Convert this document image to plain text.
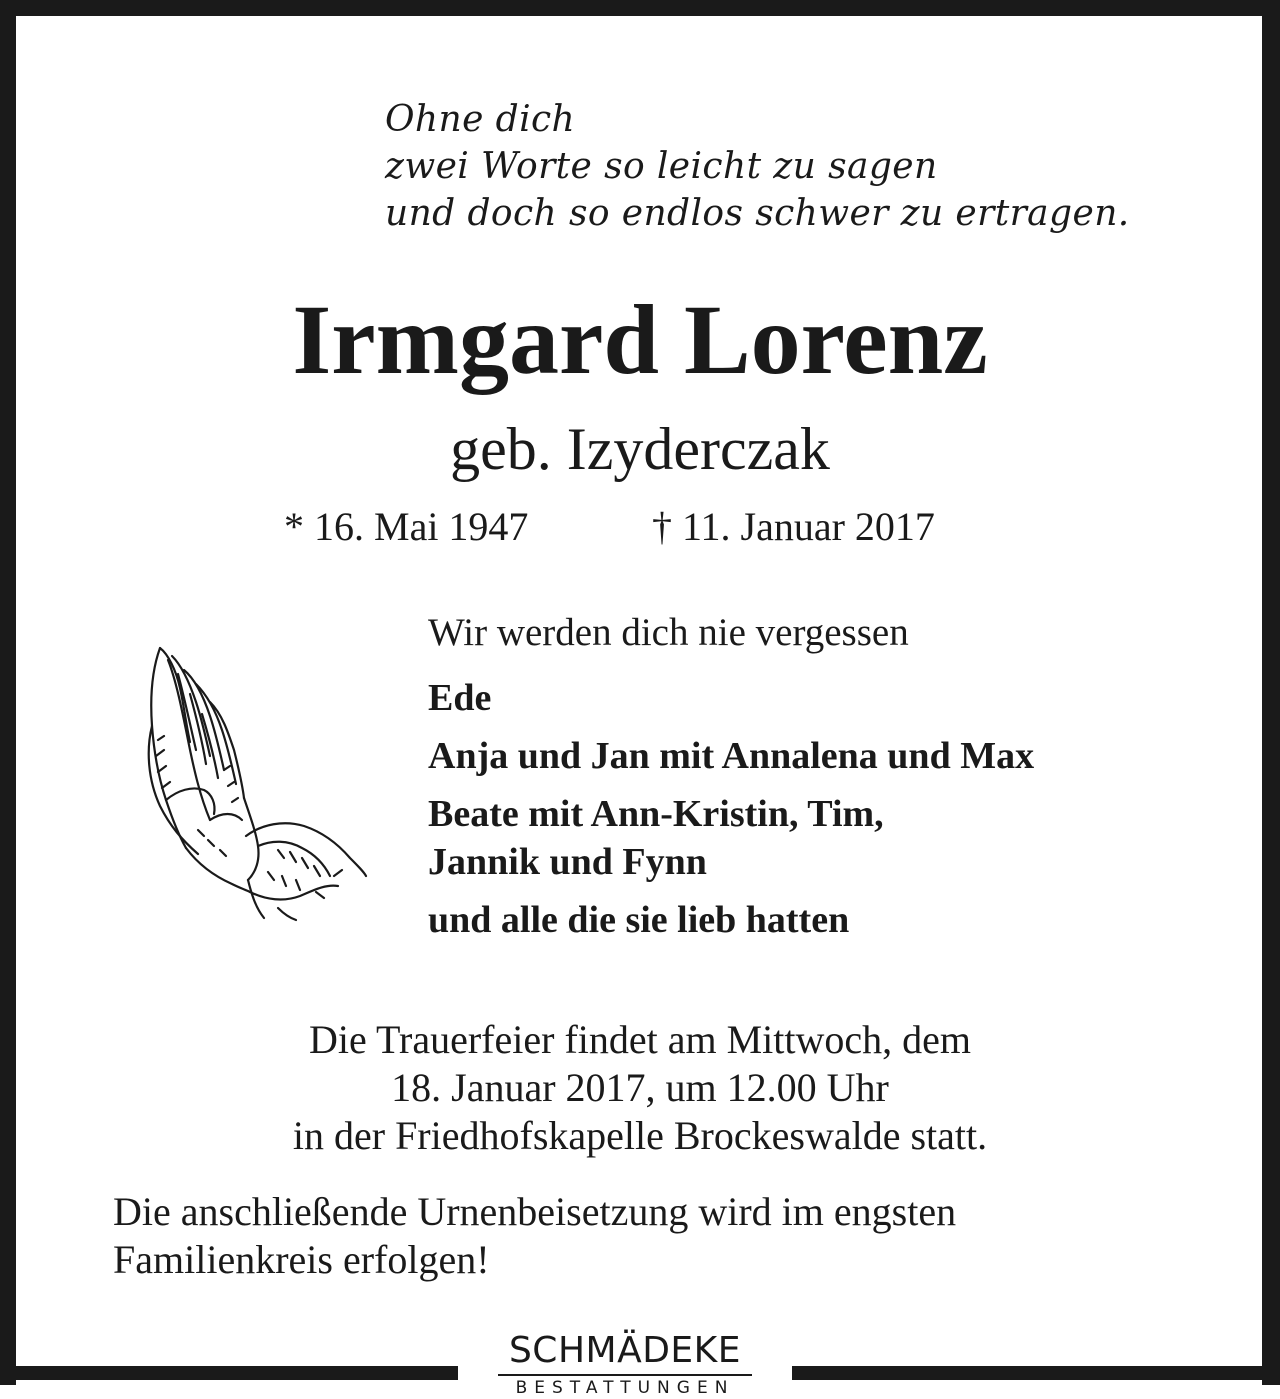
Ohne dich
zwei Worte so leicht zu sagen
und doch so endlos schwer zu ertragen.
Irmgard Lorenz
geb. Izyderczak
* 16. Mai 1947	† 11. Januar 2017
Wir werden dich nie vergessen
Ede
Anja und Jan mit Annalena und Max
Beate mit Ann-Kristin, Tim,
Jannik und Fynn
und alle die sie lieb hatten
Die Trauerfeier findet am Mittwoch, dem
18. Januar 2017, um 12.00 Uhr
in der Friedhofskapelle Brockeswalde statt.
Die anschließende Urnenbeisetzung wird im engsten
Familienkreis erfolgen!
SCHMÄDEKE
BESTATTUNGEN
